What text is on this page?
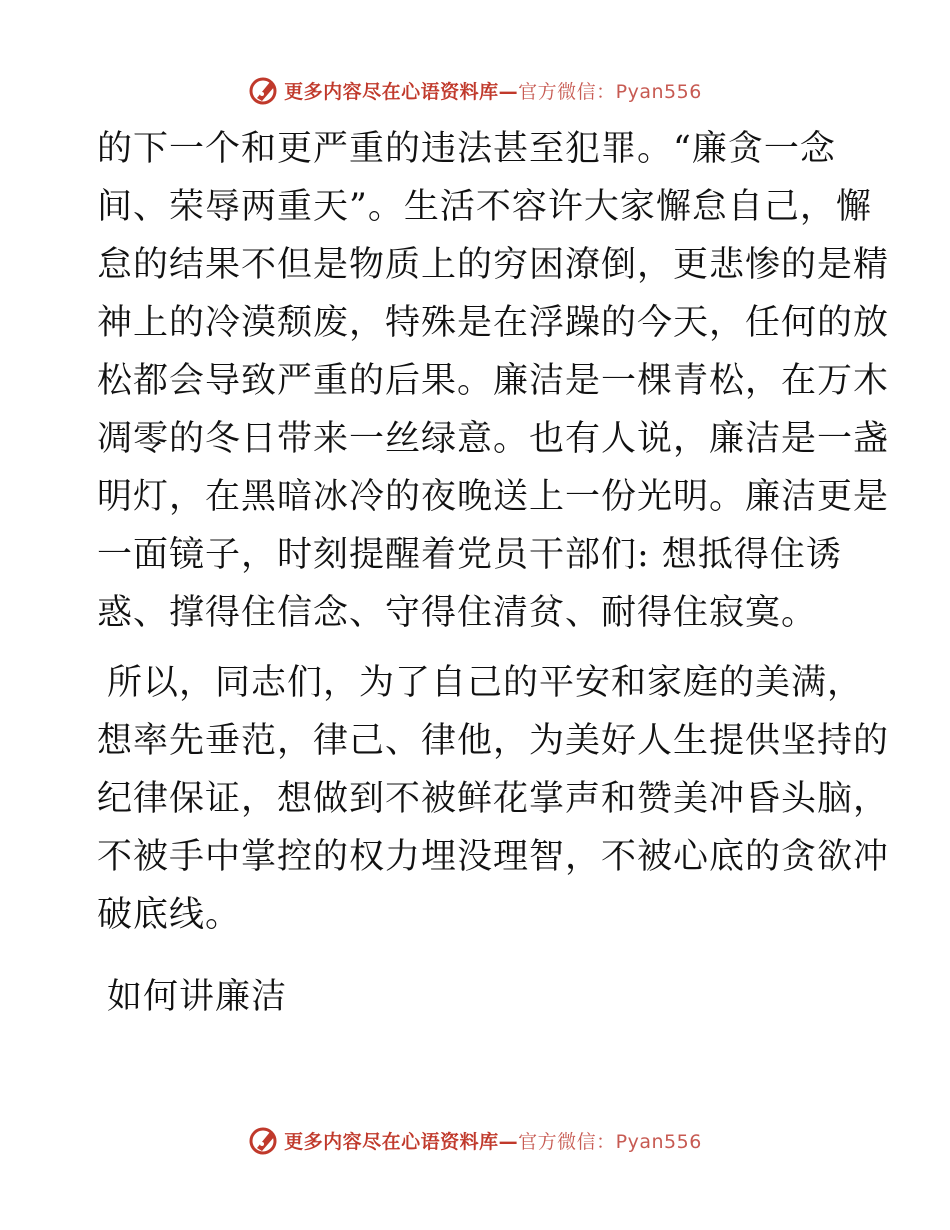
更多内容尽在心语资料库—官方微信：Pyan556
的下一个和更严重的违法甚至犯罪。“廉贪一念
间、荣辱两重天”。生活不容许大家懈怠自己，懈
怠的结果不但是物质上的穷困潦倒，更悲惨的是精
神上的冷漠颓废，特殊是在浮躁的今天，任何的放
松都会导致严重的后果。廉洁是一棵青松，在万木
凋零的冬日带来一丝绿意。也有人说，廉洁是一盏
明灯，在黑暗冰冷的夜晚送上一份光明。廉洁更是
一面镜子，时刻提醒着党员干部们: 想抵得住诱
惑、撑得住信念、守得住清贫、耐得住寂寞。
所以，同志们，为了自己的平安和家庭的美满，
想率先垂范，律己、律他，为美好人生提供坚持的
纪律保证，想做到不被鲜花掌声和赞美冲昏头脑，
不被手中掌控的权力埋没理智，不被心底的贪欲冲
破底线。
如何讲廉洁
更多内容尽在心语资料库—官方微信：Pyan556
